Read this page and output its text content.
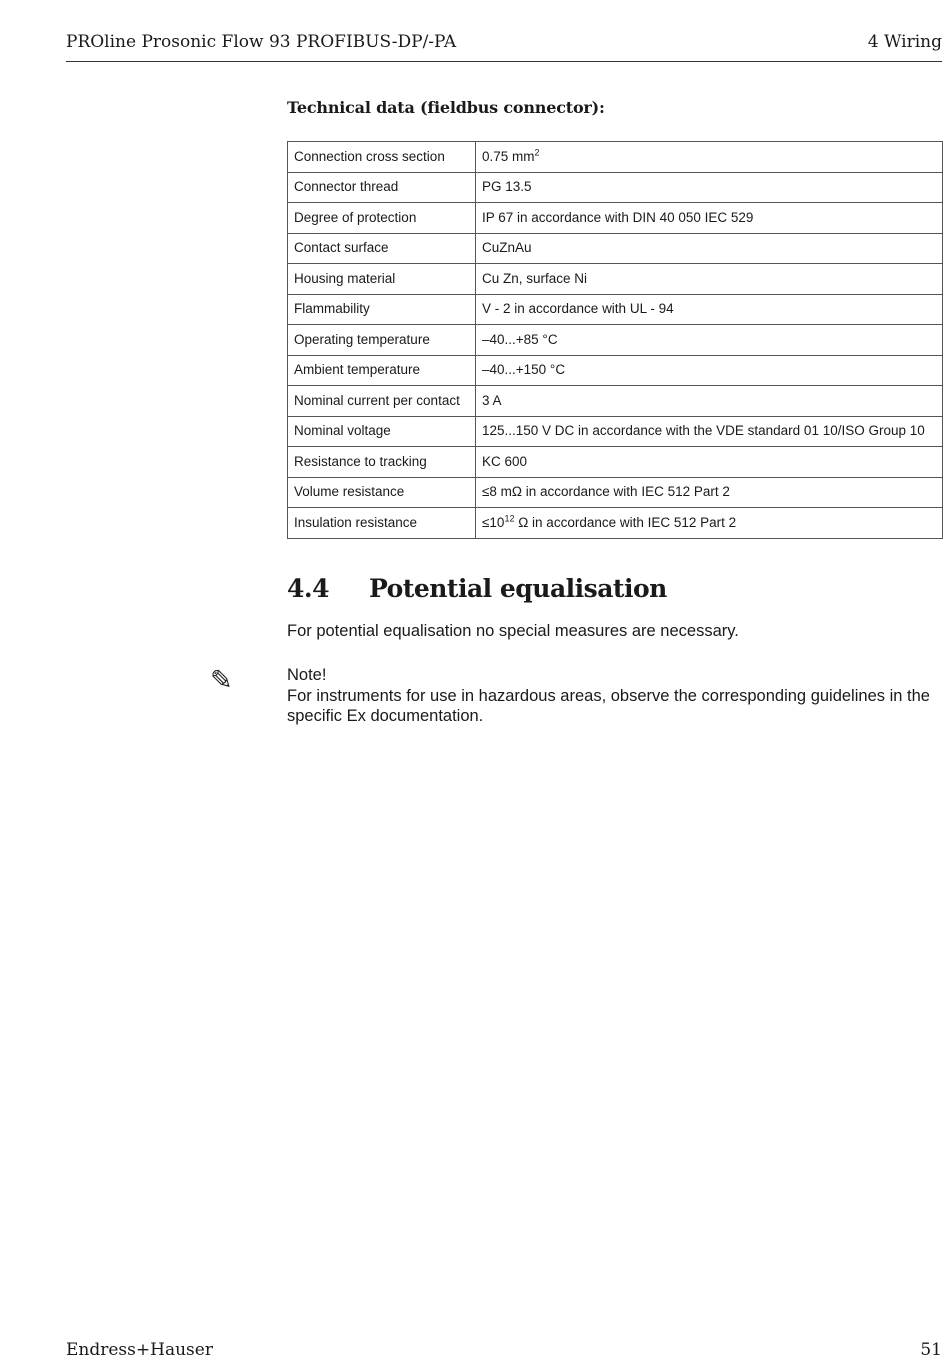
PROline Prosonic Flow 93 PROFIBUS-DP/-PA	4 Wiring
Technical data (fieldbus connector):
Connection cross section	0.75 $mm^2$
Connector thread	PG 13.5
Degree of protection	IP 67 in accordance with DIN 40 050 IEC 529
Contact surface	CuZnAu
Housing material	Cu Zn, surface Ni
Flammability	V - 2 in accordance with UL - 94
Operating temperature	–40...+85 °C
Ambient temperature	–40...+150 °C
Nominal current per contact	3 A
Nominal voltage	125...150 V DC in accordance with the VDE standard 01 10/ISO Group 10
Resistance to tracking	KC 600
Volume resistance	≤8 mΩ in accordance with IEC 512 Part 2
Insulation resistance	$\le 10^{12}$ Ω in accordance with IEC 512 Part 2
4.4 Potential equalisation
For potential equalisation no special measures are necessary.
✎	Note!
For instruments for use in hazardous areas, observe the corresponding guidelines in the specific Ex documentation.
Endress+Hauser	51
